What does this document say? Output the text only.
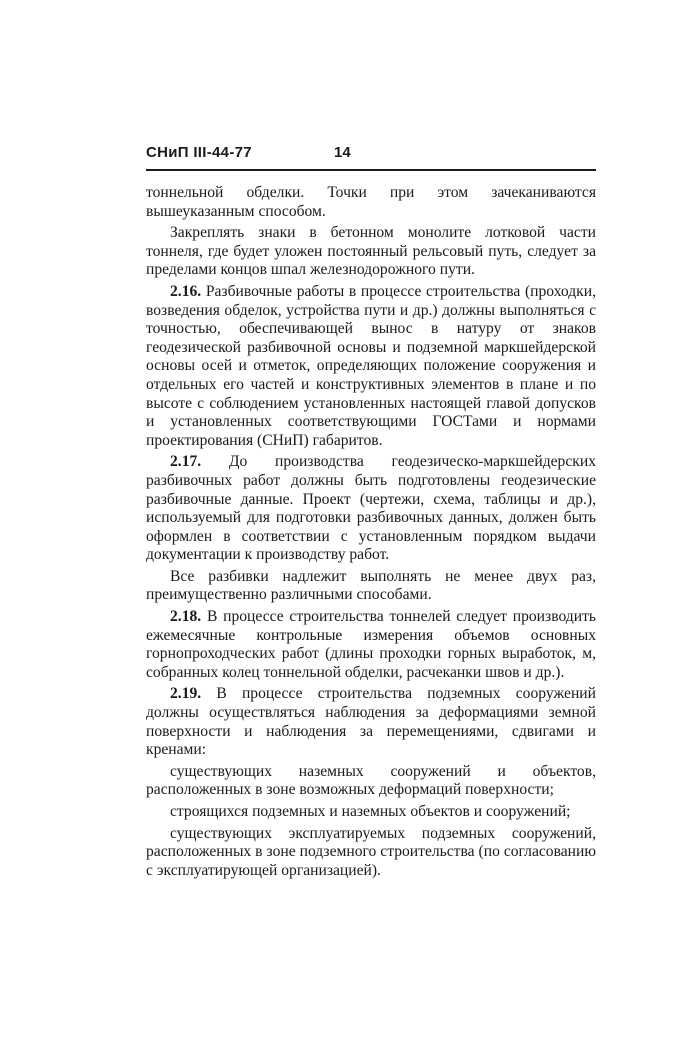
СНиП III-44-77	14

тоннельной обделки. Точки при этом зачеканиваются вышеуказанным способом.

Закреплять знаки в бетонном монолите лотковой части тоннеля, где будет уложен постоянный рельсовый путь, следует за пределами концов шпал железнодорожного пути.

2.16. Разбивочные работы в процессе строительства (проходки, возведения обделок, устройства пути и др.) должны выполняться с точностью, обеспечивающей вынос в натуру от знаков геодезической разбивочной основы и подземной маркшейдерской основы осей и отметок, определяющих положение сооружения и отдельных его частей и конструктивных элементов в плане и по высоте с соблюдением установленных настоящей главой допусков и установленных соответствующими ГОСТами и нормами проектирования (СНиП) габаритов.

2.17. До производства геодезическо-маркшейдерских разбивочных работ должны быть подготовлены геодезические разбивочные данные. Проект (чертежи, схема, таблицы и др.), используемый для подготовки разбивочных данных, должен быть оформлен в соответствии с установленным порядком выдачи документации к производству работ.

Все разбивки надлежит выполнять не менее двух раз, преимущественно различными способами.

2.18. В процессе строительства тоннелей следует производить ежемесячные контрольные измерения объемов основных горнопроходческих работ (длины проходки горных выработок, м, собранных колец тоннельной обделки, расчеканки швов и др.).

2.19. В процессе строительства подземных сооружений должны осуществляться наблюдения за деформациями земной поверхности и наблюдения за перемещениями, сдвигами и кренами:

существующих наземных сооружений и объектов, расположенных в зоне возможных деформаций поверхности;

строящихся подземных и наземных объектов и сооружений;

существующих эксплуатируемых подземных сооружений, расположенных в зоне подземного строительства (по согласованию с эксплуатирующей организацией).
